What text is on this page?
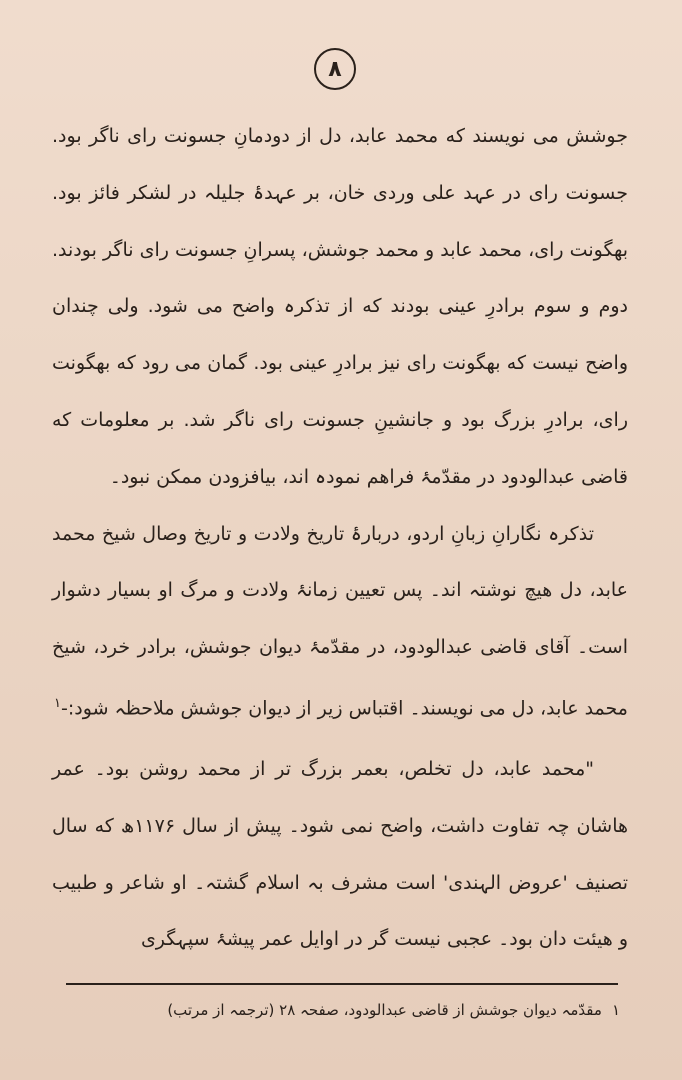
۸

جوشش می نویسند که محمد عابد، دل از دودمانِ جسونت رای ناگر بود. جسونت رای در عہد علی وردی خان، بر عہدۂ جلیلہ در لشکر فائز بود. بھگونت رای، محمد عابد و محمد جوشش، پسرانِ جسونت رای ناگر بودند. دوم و سوم برادرِ عینی بودند که از تذکرہ واضح می شود. ولی چندان واضح نیست که بھگونت رای نیز برادرِ عینی بود. گمان می رود که بھگونت رای، برادرِ بزرگ بود و جانشینِ جسونت رای ناگر شد. بر معلومات که قاضی عبدالودود در مقدّمۂ فراهم نمودہ اند، بیافزودن ممکن نبود۔

تذکرہ نگارانِ زبانِ اردو، دربارۂ تاریخ ولادت و تاریخ وصال شیخ محمد عابد، دل هیچ نوشتہ اند۔ پس تعیین زمانۂ ولادت و مرگ او بسیار دشوار است۔ آقای قاضی عبدالودود، در مقدّمۂ دیوان جوشش، برادر خرد، شیخ محمد عابد، دل می نویسند۔ اقتباس زیر از دیوان جوشش ملاحظہ شود:-$^۱$

"محمد عابد، دل تخلص، بعمر بزرگ تر از محمد روشن بود۔ عمر هاشان چہ تفاوت داشت، واضح نمی شود۔ پیش از سال ۱۱۷۶ھ که سال تصنیف 'عروض الہندی' است مشرف بہ اسلام گشتہ۔ او شاعر و طبیب و هیئت دان بود۔ عجبی نیست گر در اوایل عمر پیشۂ سپہگری

۱مقدّمہ دیوان جوشش از قاضی عبدالودود، صفحہ ۲۸ (ترجمہ از مرتب)
